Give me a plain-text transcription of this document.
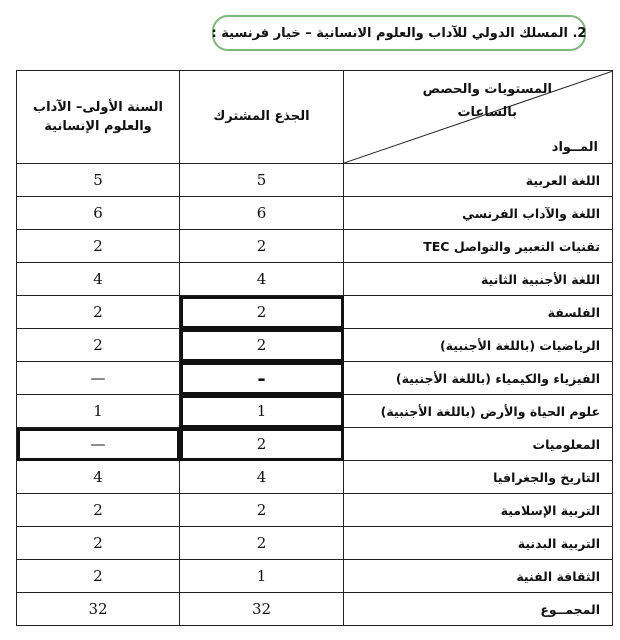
2. المسلك الدولي للآداب والعلوم الانسانية – خيار فرنسية :
السنة الأولى– الآداب والعلوم الإنسانية	الجذع المشترك	المستويات والحصص
بالساعات
المــواد

5	5	اللغة العربية
6	6	اللغة والآداب الفرنسي
2	2	تقنيات التعبير والتواصل TEC
4	4	اللغة الأجنبية الثانية
2	2	الفلسفة
2	2	الرياضيات (باللغة الأجنبية)
—	-	الفيزياء والكيمياء (باللغة الأجنبية)
1	1	علوم الحياة والأرض (باللغة الأجنبية)
—	2	المعلوميات
4	4	التاريخ والجغرافيا
2	2	التربية الإسلامية
2	2	التربية البدنية
2	1	الثقافة الفنية
32	32	المجمــوع
